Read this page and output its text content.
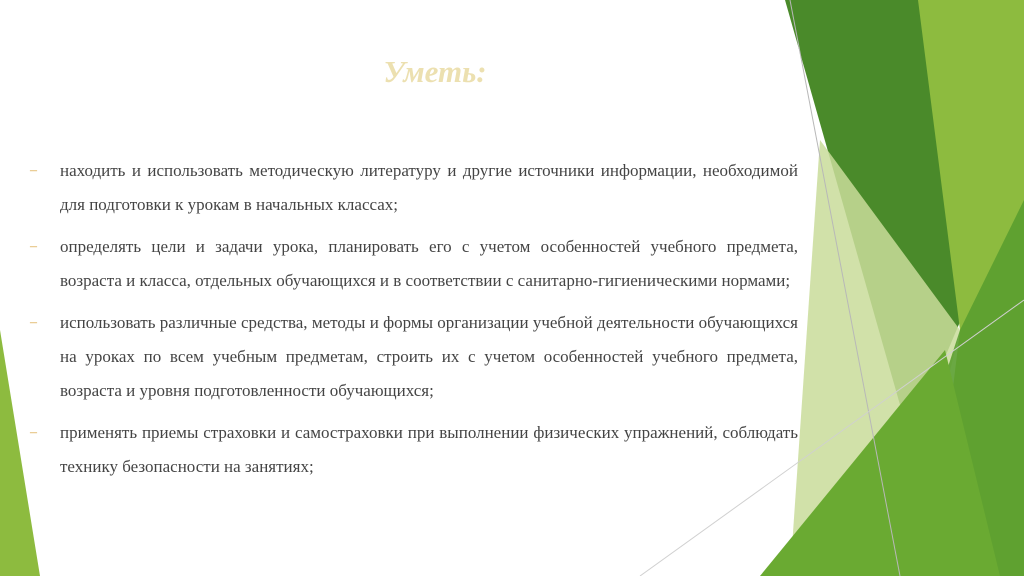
Уметь:
– находить и использовать методическую литературу и другие источники информации, необходимой для подготовки к урокам в начальных классах;
– определять цели и задачи урока, планировать его с учетом особенностей учебного предмета, возраста и класса, отдельных обучающихся и в соответствии с санитарно-гигиеническими нормами;
– использовать различные средства, методы и формы организации учебной деятельности обучающихся на уроках по всем учебным предметам, строить их с учетом особенностей учебного предмета, возраста и уровня подготовленности обучающихся;
– применять приемы страховки и самостраховки при выполнении физических упражнений, соблюдать технику безопасности на занятиях;
